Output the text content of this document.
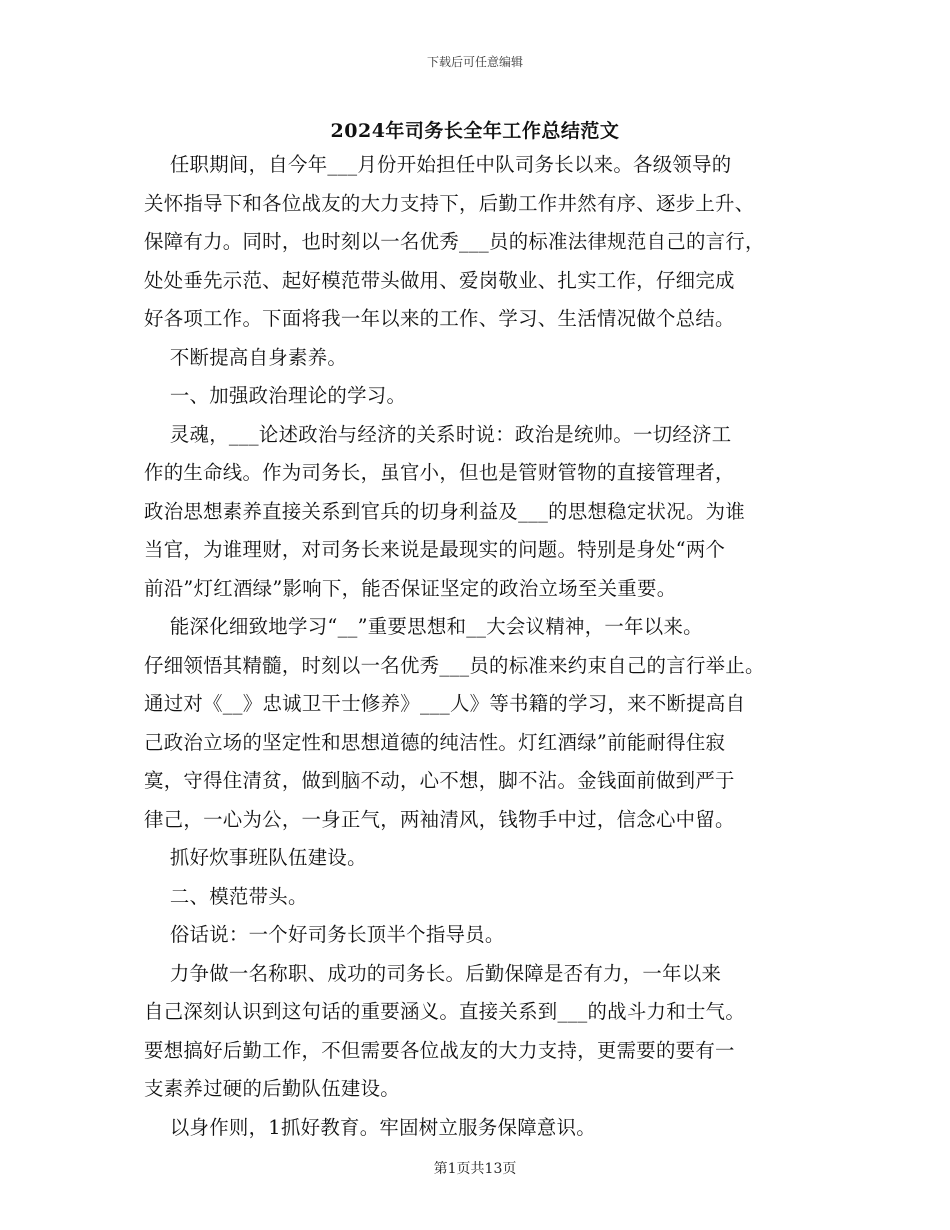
下载后可任意编辑
2024年司务长全年工作总结范文

任职期间，自今年___月份开始担任中队司务长以来。各级领导的

关怀指导下和各位战友的大力支持下，后勤工作井然有序、逐步上升、

保障有力。同时，也时刻以一名优秀___员的标准法律规范自己的言行，

处处垂先示范、起好模范带头做用、爱岗敬业、扎实工作，仔细完成

好各项工作。下面将我一年以来的工作、学习、生活情况做个总结。

不断提高自身素养。

一、加强政治理论的学习。

灵魂，___论述政治与经济的关系时说：政治是统帅。一切经济工

作的生命线。作为司务长，虽官小，但也是管财管物的直接管理者，

政治思想素养直接关系到官兵的切身利益及___的思想稳定状况。为谁

当官，为谁理财，对司务长来说是最现实的问题。特别是身处“两个

前沿”灯红酒绿”影响下，能否保证坚定的政治立场至关重要。

能深化细致地学习“__”重要思想和__大会议精神，一年以来。

仔细领悟其精髓，时刻以一名优秀___员的标准来约束自己的言行举止。

通过对《__》忠诚卫干士修养》___人》等书籍的学习，来不断提高自

己政治立场的坚定性和思想道德的纯洁性。灯红酒绿”前能耐得住寂

寞，守得住清贫，做到脑不动，心不想，脚不沾。金钱面前做到严于

律己，一心为公，一身正气，两袖清风，钱物手中过，信念心中留。

抓好炊事班队伍建设。

二、模范带头。

俗话说：一个好司务长顶半个指导员。

力争做一名称职、成功的司务长。后勤保障是否有力，一年以来

自己深刻认识到这句话的重要涵义。直接关系到___的战斗力和士气。

要想搞好后勤工作，不但需要各位战友的大力支持，更需要的要有一

支素养过硬的后勤队伍建设。

以身作则，1抓好教育。牢固树立服务保障意识。

第1页共13页
